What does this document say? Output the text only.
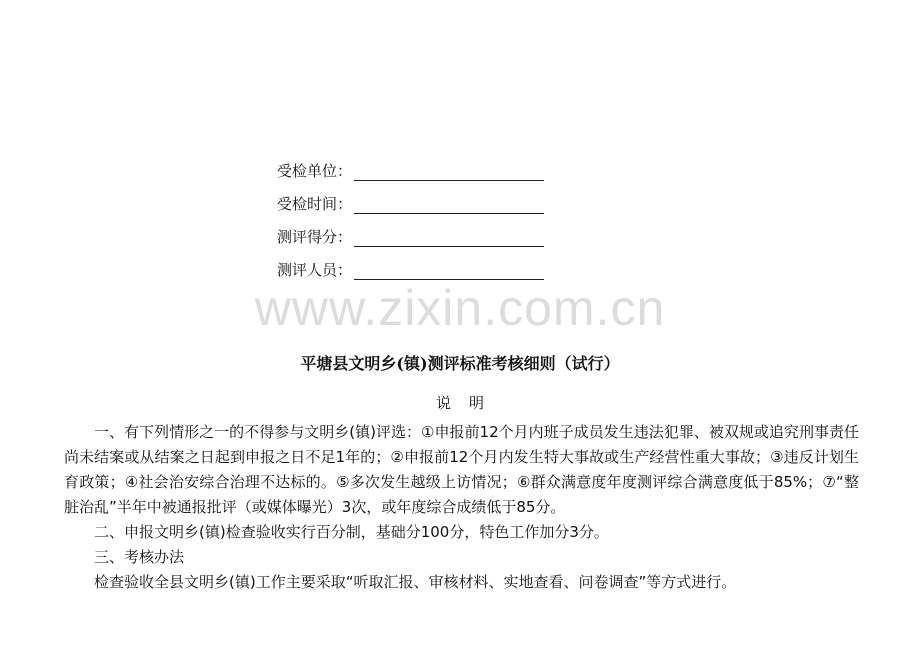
受检单位：
受检时间：
测评得分：
测评人员：
www.zixin.com.cn
平塘县文明乡(镇)测评标准考核细则（试行）
说明

一、有下列情形之一的不得参与文明乡(镇)评选：①申报前12个月内班子成员发生违法犯罪、被双规或追究刑事责任尚未结案或从结案之日起到申报之日不足1年的；②申报前12个月内发生特大事故或生产经营性重大事故；③违反计划生育政策；④社会治安综合治理不达标的。⑤多次发生越级上访情况；⑥群众满意度年度测评综合满意度低于85%；⑦“整脏治乱”半年中被通报批评（或媒体曝光）3次，或年度综合成绩低于85分。

二、申报文明乡(镇)检查验收实行百分制，基础分100分，特色工作加分3分。

三、考核办法

检查验收全县文明乡(镇)工作主要采取“听取汇报、审核材料、实地查看、问卷调查”等方式进行。
